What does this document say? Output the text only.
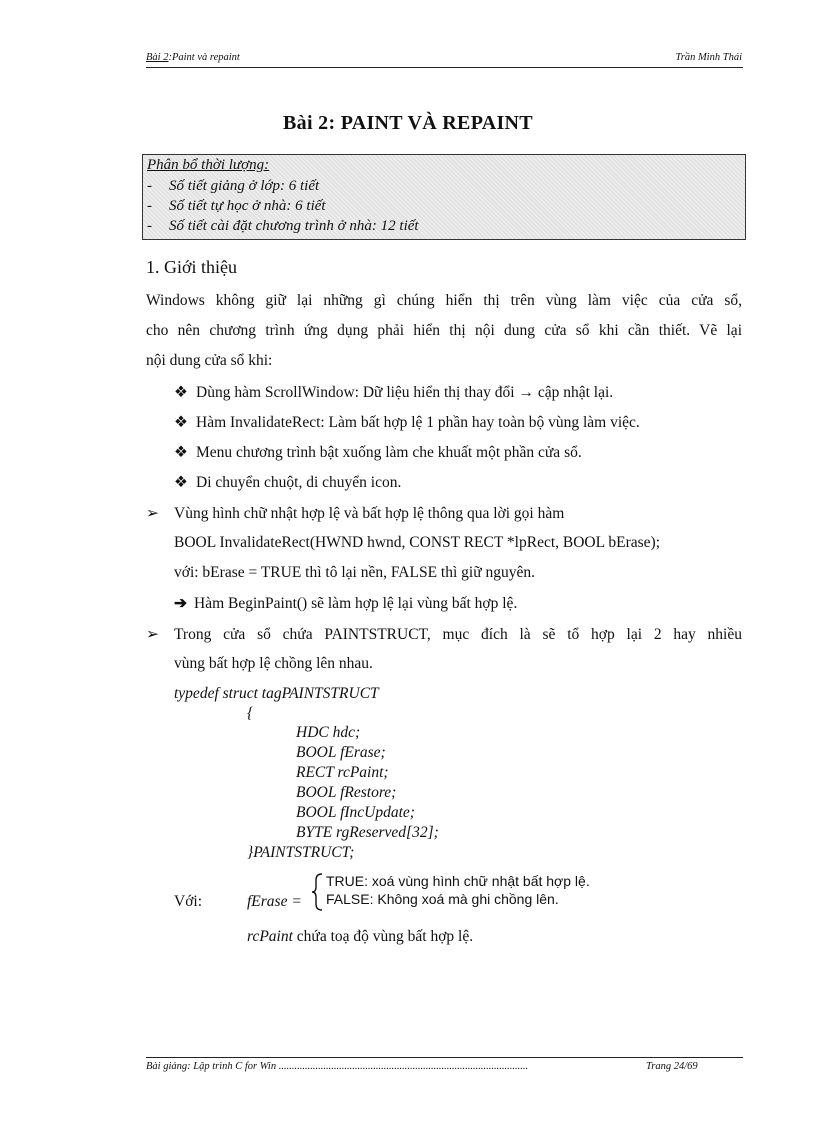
Bài 2:Paint và repaint	Trần Minh Thái
Bài 2: PAINT VÀ REPAINT
Phân bổ thời lượng:
- Số tiết giảng ở lớp: 6 tiết
- Số tiết tự học ở nhà: 6 tiết
- Số tiết cài đặt chương trình ở nhà: 12 tiết
1. Giới thiệu
Windows không giữ lại những gì chúng hiển thị trên vùng làm việc của cửa sổ,
cho nên chương trình ứng dụng phải hiển thị nội dung cửa sổ khi cần thiết. Vẽ lại
nội dung cửa sổ khi:
❖ Dùng hàm ScrollWindow: Dữ liệu hiển thị thay đổi → cập nhật lại.
❖ Hàm InvalidateRect: Làm bất hợp lệ 1 phần hay toàn bộ vùng làm việc.
❖ Menu chương trình bật xuống làm che khuất một phần cửa sổ.
❖ Di chuyển chuột, di chuyển icon.
➢ Vùng hình chữ nhật hợp lệ và bất hợp lệ thông qua lời gọi hàm
BOOL InvalidateRect(HWND hwnd, CONST RECT *lpRect, BOOL bErase);
với: bErase = TRUE thì tô lại nền, FALSE thì giữ nguyên.
➔ Hàm BeginPaint() sẽ làm hợp lệ lại vùng bất hợp lệ.
➢ Trong cửa sổ chứa PAINTSTRUCT, mục đích là sẽ tổ hợp lại 2 hay nhiều
vùng bất hợp lệ chồng lên nhau.
typedef struct tagPAINTSTRUCT
{
HDC hdc;
BOOL fErase;
RECT rcPaint;
BOOL fRestore;
BOOL fIncUpdate;
BYTE rgReserved[32];
}PAINTSTRUCT;
Với:	fErase =
TRUE: xoá vùng hình chữ nhật bất hợp lệ.
FALSE: Không xoá mà ghi chồng lên.
rcPaint chứa toạ độ vùng bất hợp lệ.
Bài giảng: Lập trình C for Win ...............................................................................................	Trang 24/69
